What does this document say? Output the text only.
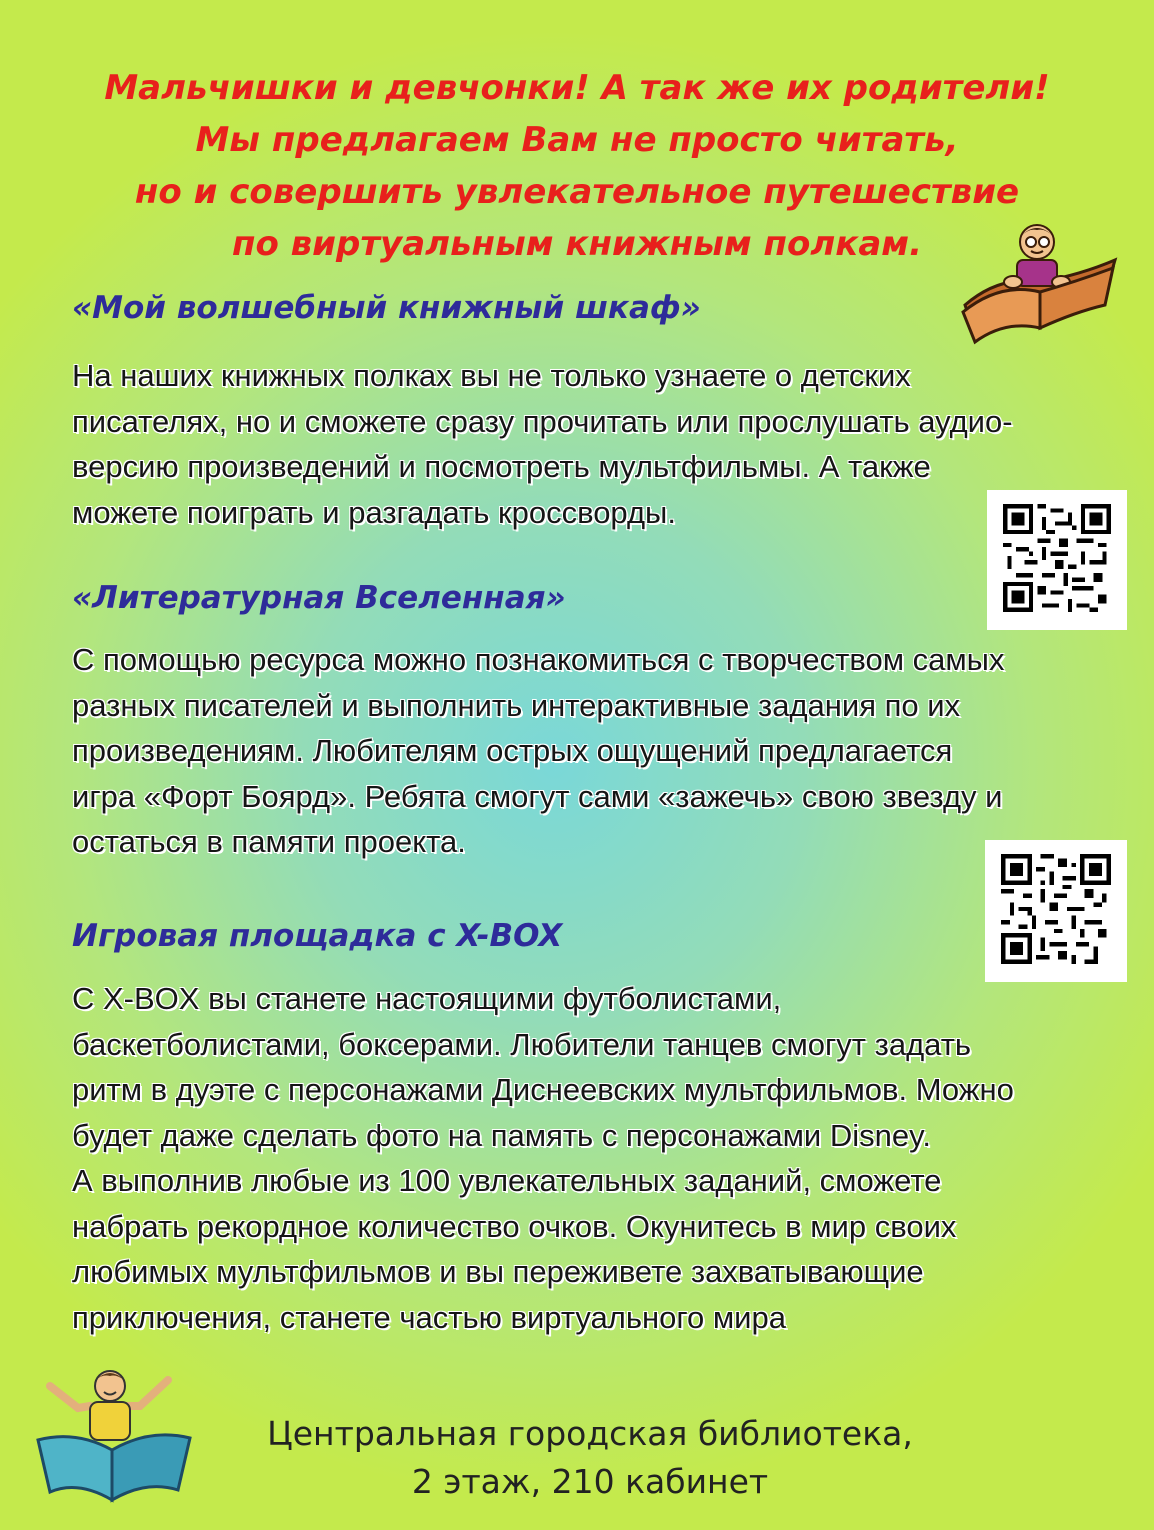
Мальчишки и девчонки! А так же их родители!
Мы предлагаем Вам не просто читать,
но и совершить увлекательное путешествие
по виртуальным книжным полкам.
«Мой волшебный книжный шкаф»
На наших книжных полках вы не только узнаете о детских
писателях, но и сможете сразу прочитать или прослушать аудио-
версию произведений и посмотреть мультфильмы. А также
можете поиграть и разгадать кроссворды.
«Литературная Вселенная»
С помощью ресурса можно познакомиться с творчеством самых
разных писателей и выполнить интерактивные задания по их
произведениям. Любителям острых ощущений предлагается
игра «Форт Боярд». Ребята смогут сами «зажечь» свою звезду и
остаться в памяти проекта.
Игровая площадка с X-BOX
С X-BOX вы станете настоящими футболистами,
баскетболистами, боксерами. Любители танцев смогут задать
ритм в дуэте с персонажами Диснеевских мультфильмов. Можно
будет даже сделать фото на память с персонажами Disney.
А выполнив любые из 100 увлекательных заданий, сможете
набрать рекордное количество очков. Окунитесь в мир своих
любимых мультфильмов и вы переживете захватывающие
приключения, станете частью виртуального мира
Центральная городская библиотека,
2 этаж, 210 кабинет
